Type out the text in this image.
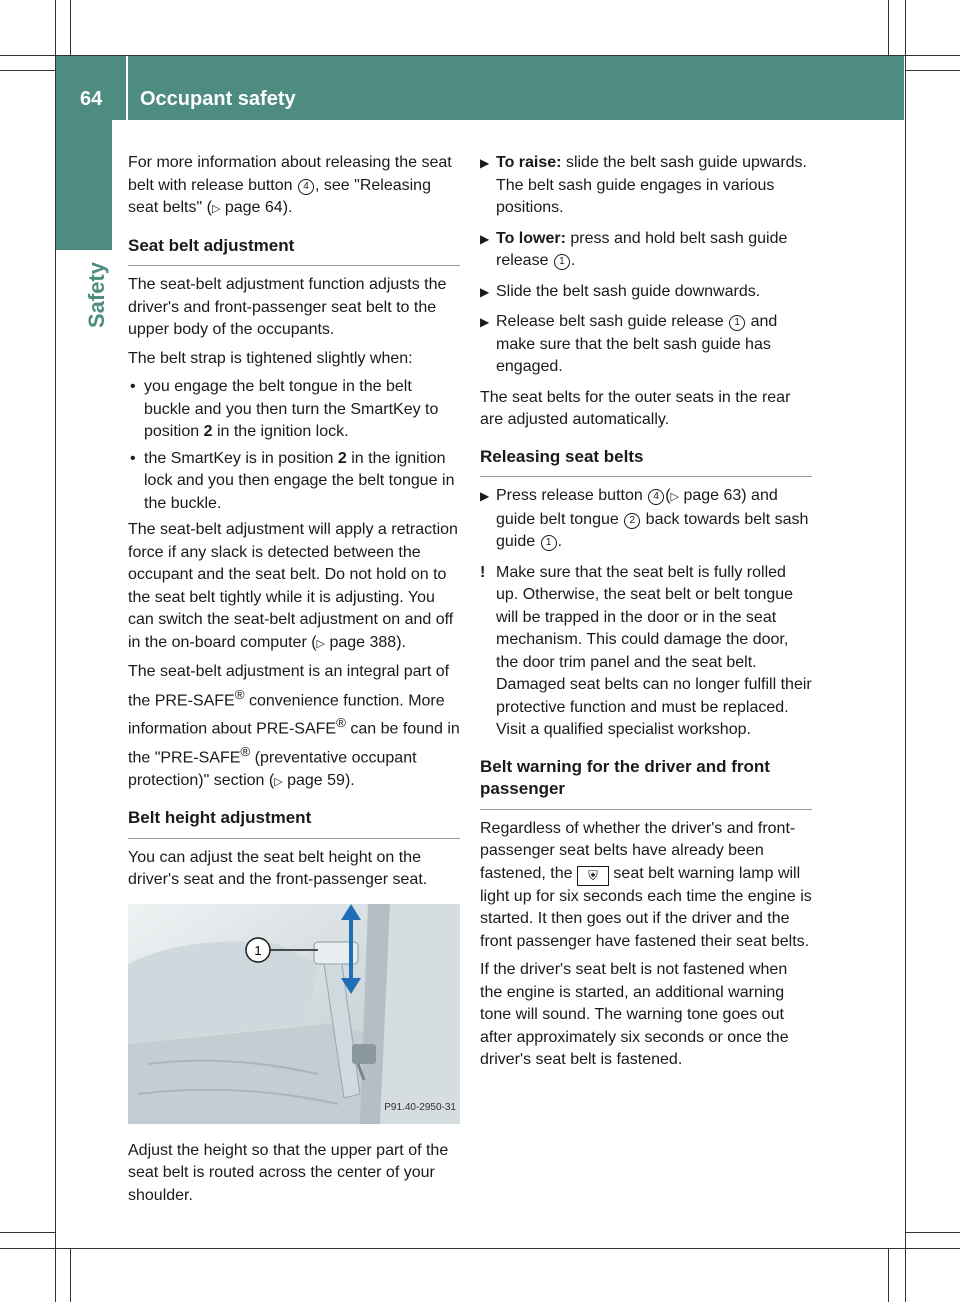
64 Occupant safety
Safety

For more information about releasing the seat belt with release button 4 , see "Releasing seat belts" (▷ page 64).

Seat belt adjustment

The seat-belt adjustment function adjusts the driver's and front-passenger seat belt to the upper body of the occupants.

The belt strap is tightened slightly when:

• you engage the belt tongue in the belt buckle and you then turn the SmartKey to position 2 in the ignition lock.
• the SmartKey is in position 2 in the ignition lock and you then engage the belt tongue in the buckle.

The seat-belt adjustment will apply a retraction force if any slack is detected between the occupant and the seat belt. Do not hold on to the seat belt tightly while it is adjusting. You can switch the seat-belt adjustment on and off in the on-board computer (▷ page 388).

The seat-belt adjustment is an integral part of the PRE-SAFE® convenience function. More information about PRE-SAFE® can be found in the "PRE-SAFE® (preventative occupant protection)" section (▷ page 59).

Belt height adjustment

You can adjust the seat belt height on the driver's seat and the front-passenger seat.

1
P91.40-2950-31

Adjust the height so that the upper part of the seat belt is routed across the center of your shoulder.

▶ To raise: slide the belt sash guide upwards. The belt sash guide engages in various positions.
▶ To lower: press and hold belt sash guide release 1 .
▶ Slide the belt sash guide downwards.
▶ Release belt sash guide release 1 and make sure that the belt sash guide has engaged.

The seat belts for the outer seats in the rear are adjusted automatically.

Releasing seat belts
▶ Press release button 4 (▷ page 63) and guide belt tongue 2 back towards belt sash guide 1 .
! Make sure that the seat belt is fully rolled up. Otherwise, the seat belt or belt tongue will be trapped in the door or in the seat mechanism. This could damage the door, the door trim panel and the seat belt. Damaged seat belts can no longer fulfill their protective function and must be replaced. Visit a qualified specialist workshop.
Belt warning for the driver and front passenger

Regardless of whether the driver's and front-passenger seat belts have already been fastened, the ⛨ seat belt warning lamp will light up for six seconds each time the engine is started. It then goes out if the driver and the front passenger have fastened their seat belts.

If the driver's seat belt is not fastened when the engine is started, an additional warning tone will sound. The warning tone goes out after approximately six seconds or once the driver's seat belt is fastened.
